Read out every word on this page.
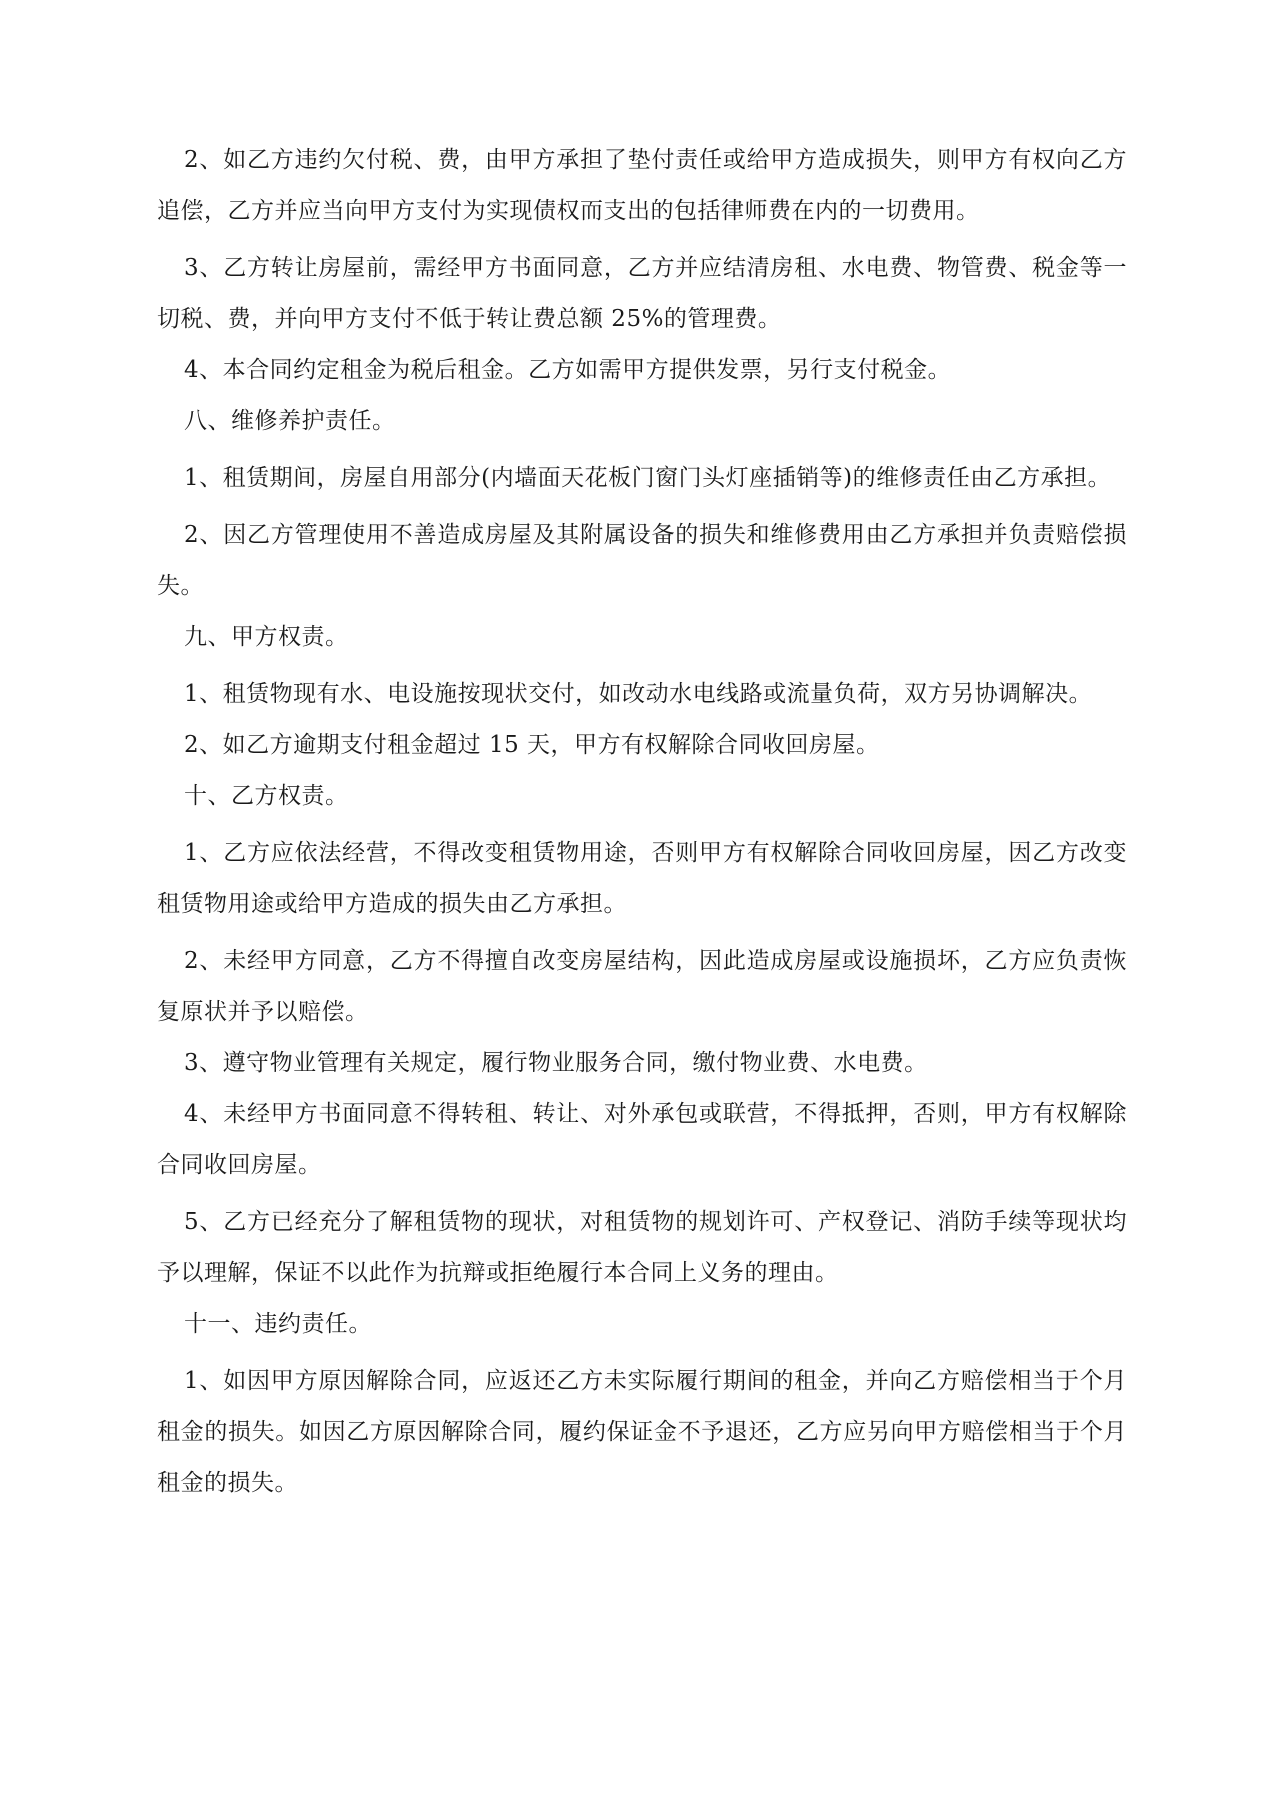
2、如乙方违约欠付税、费，由甲方承担了垫付责任或给甲方造成损失，则甲方有权向乙方追偿，乙方并应当向甲方支付为实现债权而支出的包括律师费在内的一切费用。

3、乙方转让房屋前，需经甲方书面同意，乙方并应结清房租、水电费、物管费、税金等一切税、费，并向甲方支付不低于转让费总额 25%的管理费。

4、本合同约定租金为税后租金。乙方如需甲方提供发票，另行支付税金。

八、维修养护责任。

1、租赁期间，房屋自用部分(内墙面天花板门窗门头灯座插销等)的维修责任由乙方承担。

2、因乙方管理使用不善造成房屋及其附属设备的损失和维修费用由乙方承担并负责赔偿损失。

九、甲方权责。

1、租赁物现有水、电设施按现状交付，如改动水电线路或流量负荷，双方另协调解决。

2、如乙方逾期支付租金超过 15 天，甲方有权解除合同收回房屋。

十、乙方权责。

1、乙方应依法经营，不得改变租赁物用途，否则甲方有权解除合同收回房屋，因乙方改变租赁物用途或给甲方造成的损失由乙方承担。

2、未经甲方同意，乙方不得擅自改变房屋结构，因此造成房屋或设施损坏，乙方应负责恢复原状并予以赔偿。

3、遵守物业管理有关规定，履行物业服务合同，缴付物业费、水电费。

4、未经甲方书面同意不得转租、转让、对外承包或联营，不得抵押，否则，甲方有权解除合同收回房屋。

5、乙方已经充分了解租赁物的现状，对租赁物的规划许可、产权登记、消防手续等现状均予以理解，保证不以此作为抗辩或拒绝履行本合同上义务的理由。

十一、违约责任。

1、如因甲方原因解除合同，应返还乙方未实际履行期间的租金，并向乙方赔偿相当于个月租金的损失。如因乙方原因解除合同，履约保证金不予退还，乙方应另向甲方赔偿相当于个月租金的损失。
